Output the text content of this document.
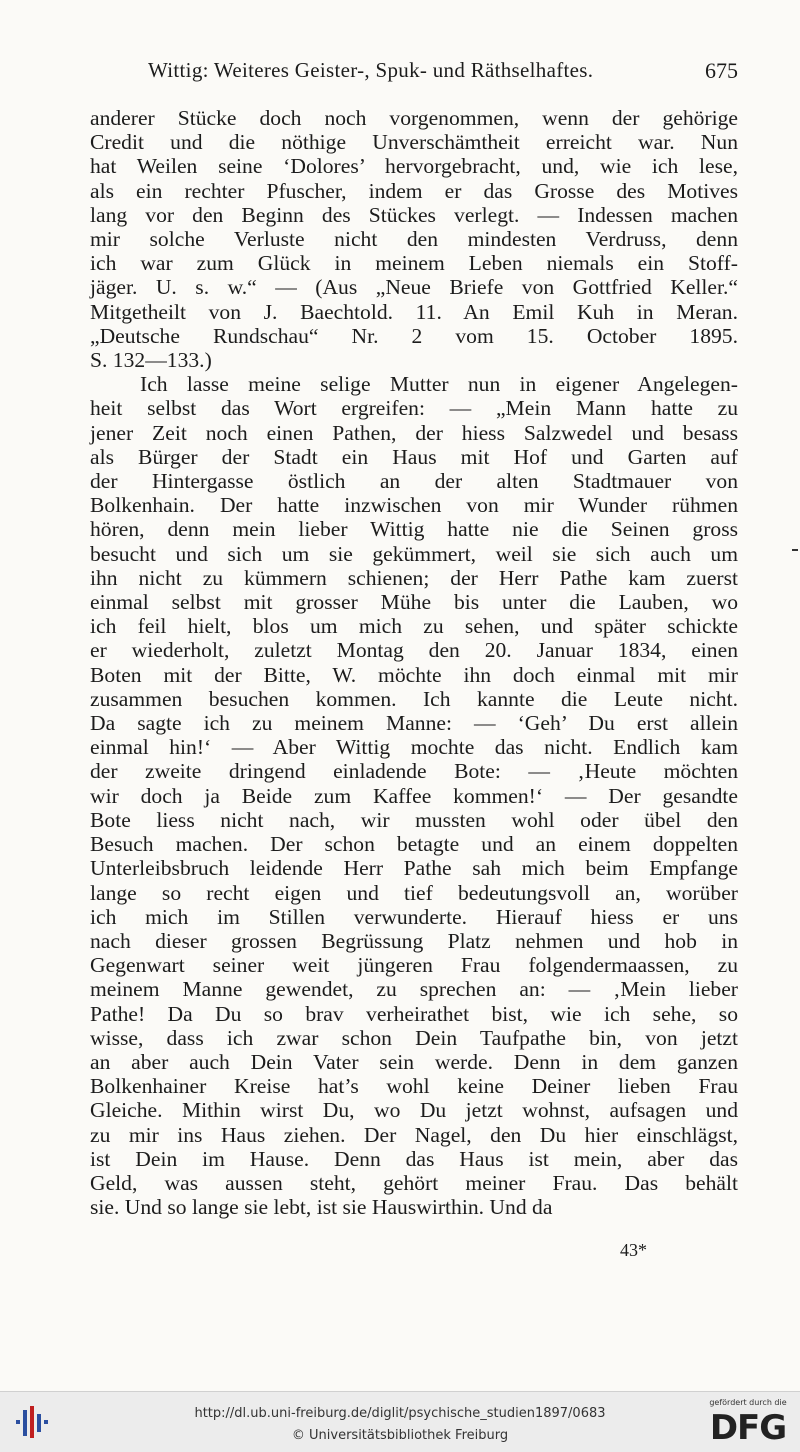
Wittig: Weiteres Geister-, Spuk- und Räthselhaftes.	675
anderer Stücke doch noch vorgenommen, wenn der gehörige
Credit und die nöthige Unverschämtheit erreicht war. Nun
hat Weilen seine ‘Dolores’ hervorgebracht, und, wie ich lese,
als ein rechter Pfuscher, indem er das Grosse des Motives
lang vor den Beginn des Stückes verlegt. — Indessen machen
mir solche Verluste nicht den mindesten Verdruss, denn
ich war zum Glück in meinem Leben niemals ein Stoff-
jäger. U. s. w.“ — (Aus „Neue Briefe von Gottfried Keller.“
Mitgetheilt von J. Baechtold. 11. An Emil Kuh in Meran.
„Deutsche Rundschau“ Nr. 2 vom 15. October 1895.
S. 132—133.)
Ich lasse meine selige Mutter nun in eigener Angelegen-
heit selbst das Wort ergreifen: — „Mein Mann hatte zu
jener Zeit noch einen Pathen, der hiess Salzwedel und besass
als Bürger der Stadt ein Haus mit Hof und Garten auf
der Hintergasse östlich an der alten Stadtmauer von
Bolkenhain. Der hatte inzwischen von mir Wunder rühmen
hören, denn mein lieber Wittig hatte nie die Seinen gross
besucht und sich um sie gekümmert, weil sie sich auch um
ihn nicht zu kümmern schienen; der Herr Pathe kam zuerst
einmal selbst mit grosser Mühe bis unter die Lauben, wo
ich feil hielt, blos um mich zu sehen, und später schickte
er wiederholt, zuletzt Montag den 20. Januar 1834, einen
Boten mit der Bitte, W. möchte ihn doch einmal mit mir
zusammen besuchen kommen. Ich kannte die Leute nicht.
Da sagte ich zu meinem Manne: — ‘Geh’ Du erst allein
einmal hin!‘ — Aber Wittig mochte das nicht. Endlich kam
der zweite dringend einladende Bote: — ‚Heute möchten
wir doch ja Beide zum Kaffee kommen!‘ — Der gesandte
Bote liess nicht nach, wir mussten wohl oder übel den
Besuch machen. Der schon betagte und an einem doppelten
Unterleibsbruch leidende Herr Pathe sah mich beim Empfange
lange so recht eigen und tief bedeutungsvoll an, worüber
ich mich im Stillen verwunderte. Hierauf hiess er uns
nach dieser grossen Begrüssung Platz nehmen und hob in
Gegenwart seiner weit jüngeren Frau folgendermaassen, zu
meinem Manne gewendet, zu sprechen an: — ‚Mein lieber
Pathe! Da Du so brav verheirathet bist, wie ich sehe, so
wisse, dass ich zwar schon Dein Taufpathe bin, von jetzt
an aber auch Dein Vater sein werde. Denn in dem ganzen
Bolkenhainer Kreise hat’s wohl keine Deiner lieben Frau
Gleiche. Mithin wirst Du, wo Du jetzt wohnst, aufsagen und
zu mir ins Haus ziehen. Der Nagel, den Du hier einschlägst,
ist Dein im Hause. Denn das Haus ist mein, aber das
Geld, was aussen steht, gehört meiner Frau. Das behält
sie. Und so lange sie lebt, ist sie Hauswirthin. Und da
43*
http://dl.ub.uni-freiburg.de/diglit/psychische_studien1897/0683
© Universitätsbibliothek Freiburg
gefördert durch die
DFG
